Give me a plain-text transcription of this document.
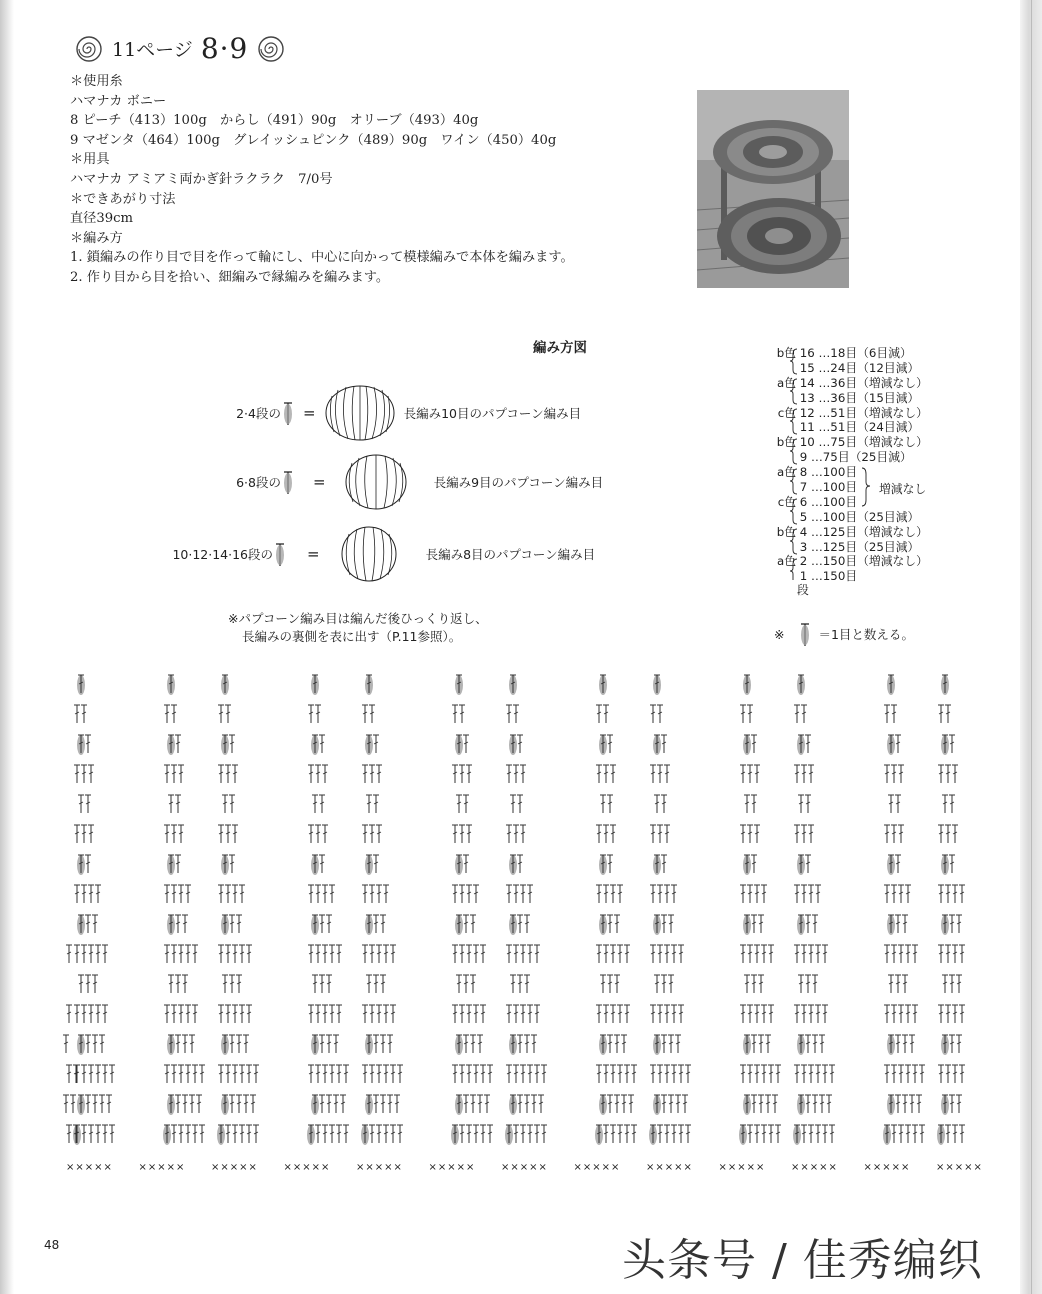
11ページ 8·9
＊使用糸
ハマナカ ボニー
8 ピーチ（413）100g　からし（491）90g　オリーブ（493）40g
9 マゼンタ（464）100g　グレイッシュピンク（489）90g　ワイン（450）40g
＊用具
ハマナカ アミアミ両かぎ針ラクラク　7/0号
＊できあがり寸法
直径39cm
＊編み方
1. 鎖編みの作り目で目を作って輪にし、中心に向かって模様編みで本体を編みます。
2. 作り目から目を拾い、細編みで縁編みを編みます。
編み方図
2·4段の =	長編み10目のパプコーン編み目
6·8段の =	長編み9目のパプコーン編み目
10·12·14·16段の =	長編み8目のパプコーン編み目
※パプコーン編み目は編んだ後ひっくり返し、
長編みの裏側を表に出す（P.11参照）。
b色 16 …18目（6目減）
15 …24目（12目減）
a色 14 …36目（増減なし）
13 …36目（15目減）
c色 12 …51目（増減なし）
11 …51目（24目減）
b色 10 …75目（増減なし）
9 …75目（25目減）
a色 8 …100目
7 …100目
c色 6 …100目
5 …100目（25目減）
b色 4 …125目（増減なし）
3 …125目（25目減）
a色 2 …150目（増減なし）
1 …150目
増減なし
段
※	＝1目と数える。
×××××	×××××	×××××	×××××	×××××	×××××	×××××	×××××	×××××	×××××	×××××	×××××	×××××
48	头条号 / 佳秀编织
